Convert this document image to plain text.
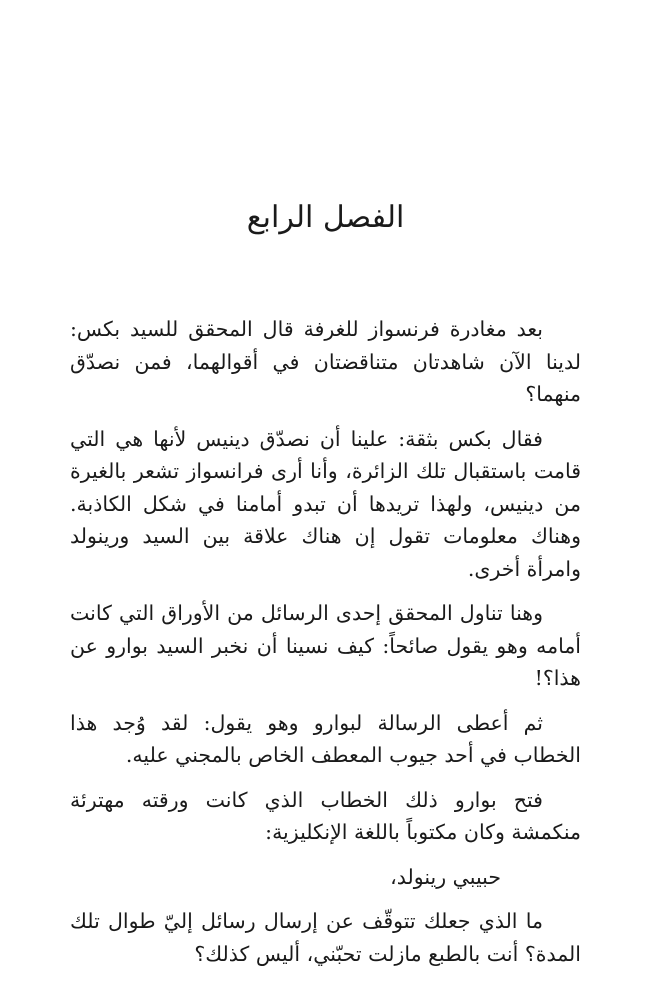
الفصل الرابع

بعد مغادرة فرنسواز للغرفة قال المحقق للسيد بكس: لدينا الآن شاهدتان متناقضتان في أقوالهما، فمن نصدّق منهما؟

فقال بكس بثقة: علينا أن نصدّق دينيس لأنها هي التي قامت باستقبال تلك الزائرة، وأنا أرى فرانسواز تشعر بالغيرة من دينيس، ولهذا تريدها أن تبدو أمامنا في شكل الكاذبة. وهناك معلومات تقول إن هناك علاقة بين السيد ورينولد وامرأة أخرى.

وهنا تناول المحقق إحدى الرسائل من الأوراق التي كانت أمامه وهو يقول صائحاً: كيف نسينا أن نخبر السيد بوارو عن هذا؟!

ثم أعطى الرسالة لبوارو وهو يقول: لقد وُجد هذا الخطاب في أحد جيوب المعطف الخاص بالمجني عليه.

فتح بوارو ذلك الخطاب الذي كانت ورقته مهترئة منكمشة وكان مكتوباً باللغة الإنكليزية:

حبيبي رينولد،

ما الذي جعلك تتوقّف عن إرسال رسائل إليّ طوال تلك المدة؟ أنت بالطبع مازلت تحبّني، أليس كذلك؟
